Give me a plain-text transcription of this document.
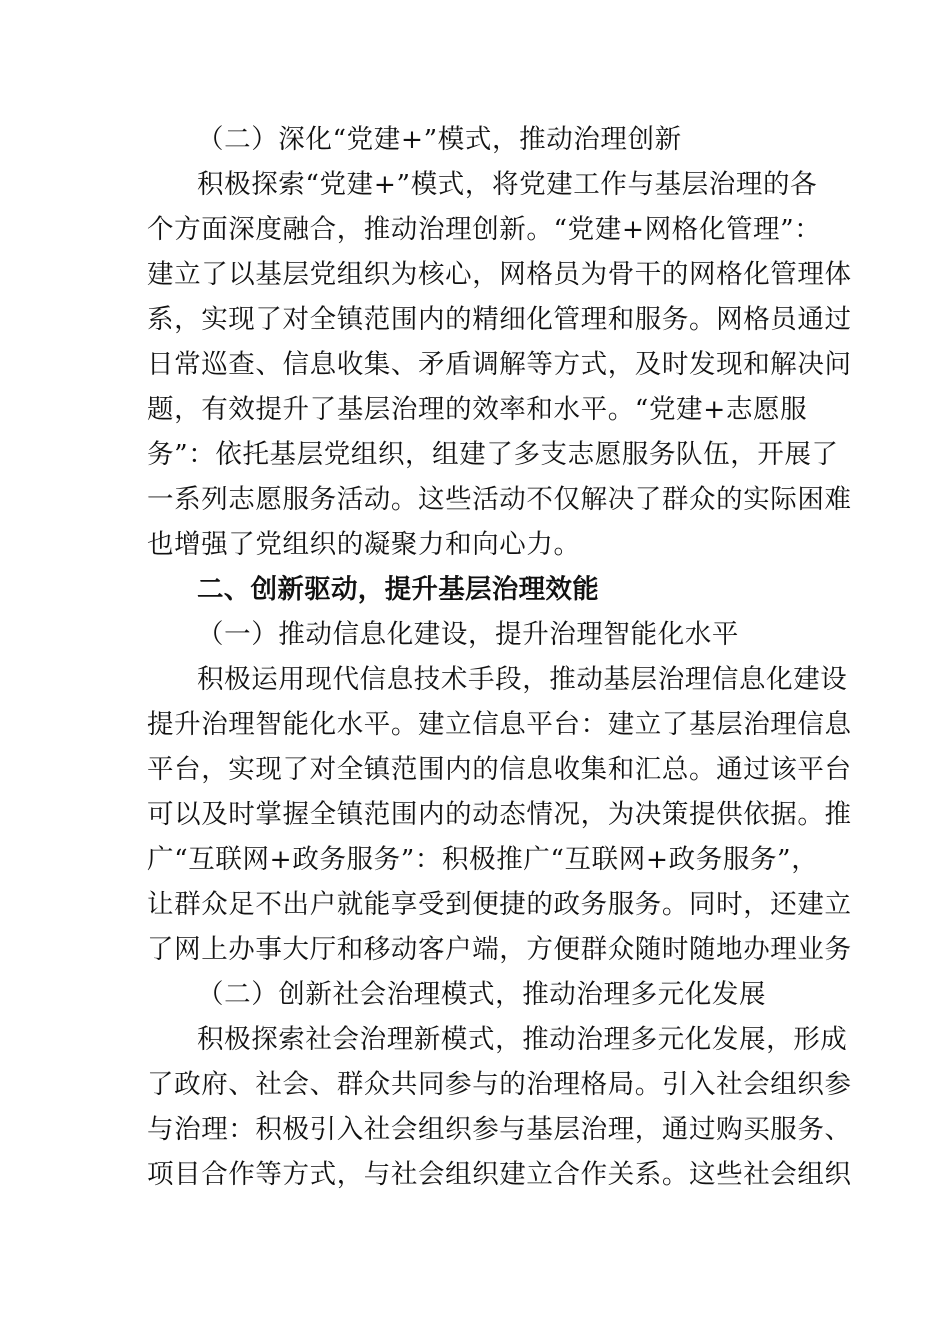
（二）深化“党建+”模式，推动治理创新
积极探索“党建+”模式，将党建工作与基层治理的各
个方面深度融合，推动治理创新。“党建+网格化管理”：
建立了以基层党组织为核心，网格员为骨干的网格化管理体
系，实现了对全镇范围内的精细化管理和服务。网格员通过
日常巡查、信息收集、矛盾调解等方式，及时发现和解决问
题，有效提升了基层治理的效率和水平。“党建+志愿服
务”：依托基层党组织，组建了多支志愿服务队伍，开展了
一系列志愿服务活动。这些活动不仅解决了群众的实际困难
也增强了党组织的凝聚力和向心力。
二、创新驱动，提升基层治理效能
（一）推动信息化建设，提升治理智能化水平
积极运用现代信息技术手段，推动基层治理信息化建设
提升治理智能化水平。建立信息平台：建立了基层治理信息
平台，实现了对全镇范围内的信息收集和汇总。通过该平台
可以及时掌握全镇范围内的动态情况，为决策提供依据。推
广“互联网+政务服务”：积极推广“互联网+政务服务”，
让群众足不出户就能享受到便捷的政务服务。同时，还建立
了网上办事大厅和移动客户端，方便群众随时随地办理业务
（二）创新社会治理模式，推动治理多元化发展
积极探索社会治理新模式，推动治理多元化发展，形成
了政府、社会、群众共同参与的治理格局。引入社会组织参
与治理：积极引入社会组织参与基层治理，通过购买服务、
项目合作等方式，与社会组织建立合作关系。这些社会组织
